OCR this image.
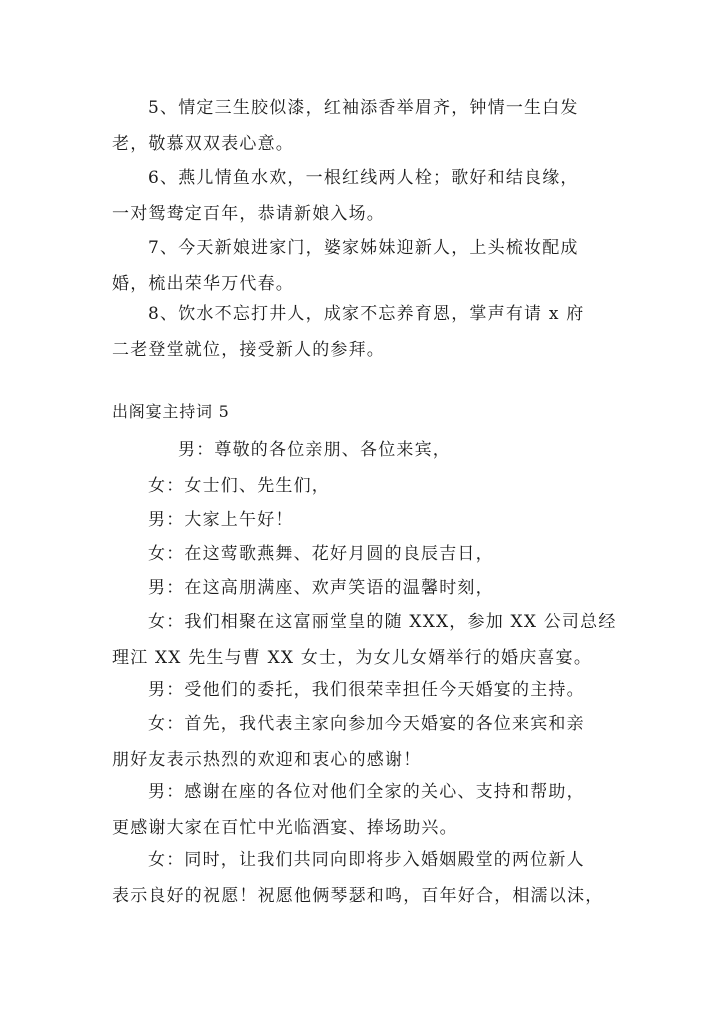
5、情定三生胶似漆，红袖添香举眉齐，钟情一生白发
老，敬慕双双表心意。
6、燕儿情鱼水欢，一根红线两人栓；歌好和结良缘，
一对鸳鸯定百年，恭请新娘入场。
7、今天新娘进家门，婆家姊妹迎新人，上头梳妆配成
婚，梳出荣华万代春。
8、饮水不忘打井人，成家不忘养育恩，掌声有请 x 府
二老登堂就位，接受新人的参拜。
出阁宴主持词 5
男：尊敬的各位亲朋、各位来宾，
女：女士们、先生们，
男：大家上午好！
女：在这莺歌燕舞、花好月圆的良辰吉日，
男：在这高朋满座、欢声笑语的温馨时刻，
女：我们相聚在这富丽堂皇的随 XXX，参加 XX 公司总经
理江 XX 先生与曹 XX 女士，为女儿女婿举行的婚庆喜宴。
男：受他们的委托，我们很荣幸担任今天婚宴的主持。
女：首先，我代表主家向参加今天婚宴的各位来宾和亲
朋好友表示热烈的欢迎和衷心的感谢！
男：感谢在座的各位对他们全家的关心、支持和帮助，
更感谢大家在百忙中光临酒宴、捧场助兴。
女：同时，让我们共同向即将步入婚姻殿堂的两位新人
表示良好的祝愿！祝愿他俩琴瑟和鸣，百年好合，相濡以沫，
